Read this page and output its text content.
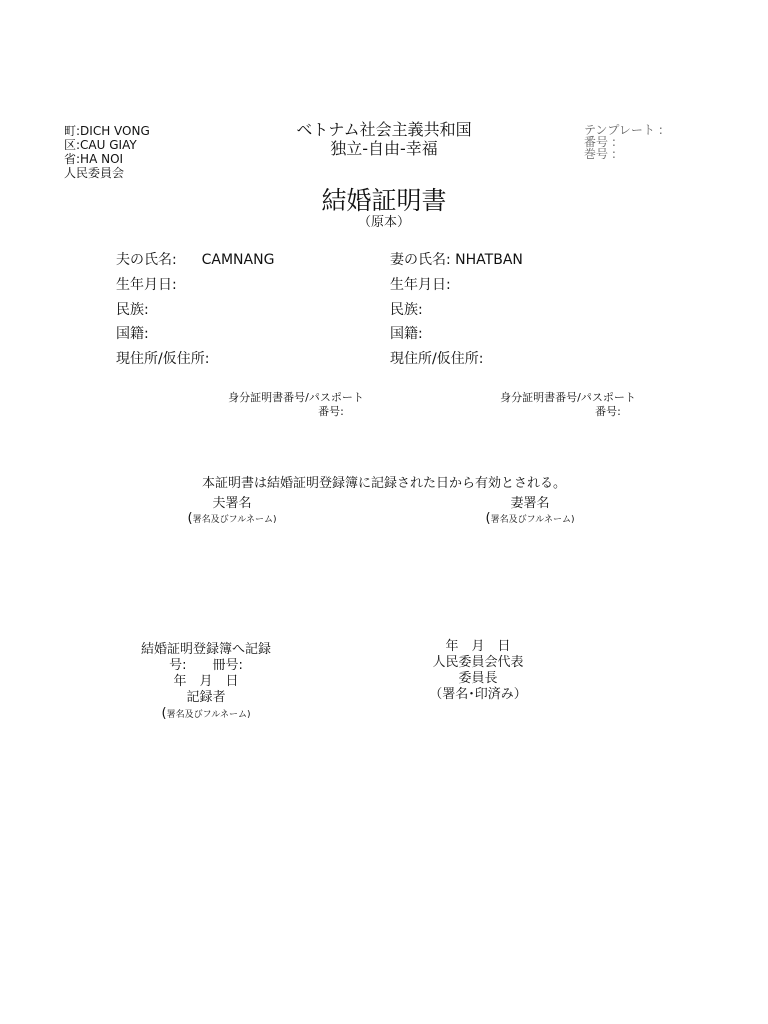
町:DICH VONG
区:CAU GIAY
省:HA NOI
人民委員会
ベトナム社会主義共和国
独立-自由-幸福
テンプレート :
番号 :
巻号 :
結婚証明書
（原本）
夫の氏名: CAMNANG
生年月日:
民族:
国籍:
現住所/仮住所:
妻の氏名: NHATBAN
生年月日:
民族:
国籍:
現住所/仮住所:
身分証明書番号/パスポート
番号:
身分証明書番号/パスポート
番号:
本証明書は結婚証明登録簿に記録された日から有効とされる。
夫署名
(署名及びフルネーム)
妻署名
(署名及びフルネーム)
結婚証明登録簿へ記録
号:　　冊号:
年　月　日
記録者
(署名及びフルネーム)
年　月　日
人民委員会代表
委員長
（署名･印済み）
